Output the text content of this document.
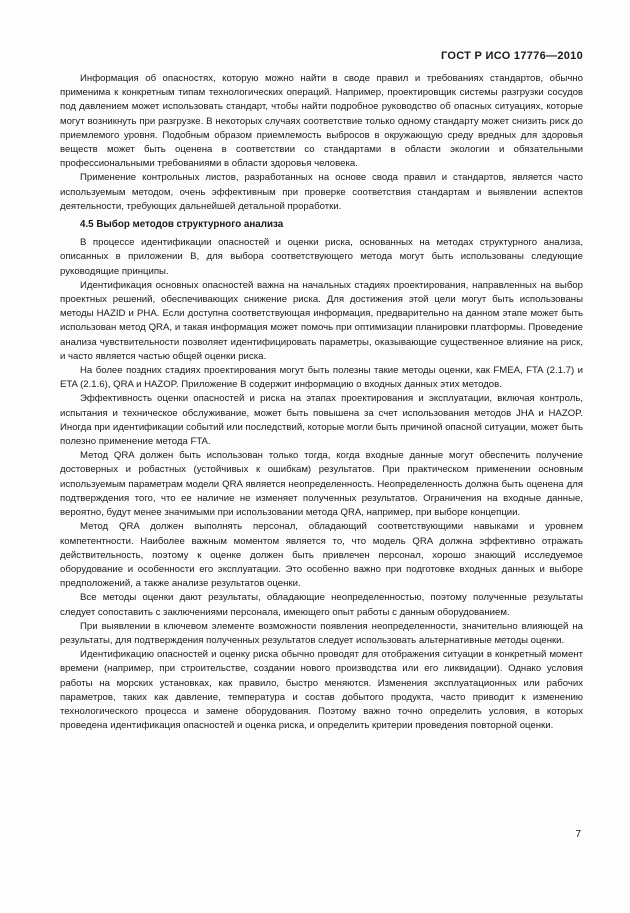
ГОСТ Р ИСО 17776—2010

Информация об опасностях, которую можно найти в своде правил и требованиях стандартов, обычно применима к конкретным типам технологических операций. Например, проектировщик системы разгрузки сосудов под давлением может использовать стандарт, чтобы найти подробное руководство об опасных ситуациях, которые могут возникнуть при разгрузке. В некоторых случаях соответствие только одному стандарту может снизить риск до приемлемого уровня. Подобным образом приемлемость выбросов в окружающую среду вредных для здоровья веществ может быть оценена в соответствии со стандартами в области экологии и обязательными профессиональными требованиями в области здоровья человека.

Применение контрольных листов, разработанных на основе свода правил и стандартов, является часто используемым методом, очень эффективным при проверке соответствия стандартам и выявлении аспектов деятельности, требующих дальнейшей детальной проработки.

4.5 Выбор методов структурного анализа

В процессе идентификации опасностей и оценки риска, основанных на методах структурного анализа, описанных в приложении В, для выбора соответствующего метода могут быть использованы следующие руководящие принципы.

Идентификация основных опасностей важна на начальных стадиях проектирования, направленных на выбор проектных решений, обеспечивающих снижение риска. Для достижения этой цели могут быть использованы методы HAZID и PHA. Если доступна соответствующая информация, предварительно на данном этапе может быть использован метод QRA, и такая информация может помочь при оптимизации планировки платформы. Проведение анализа чувствительности позволяет идентифицировать параметры, оказывающие существенное влияние на риск, и часто является частью общей оценки риска.

На более поздних стадиях проектирования могут быть полезны такие методы оценки, как FMEA, FTA (2.1.7) и ETA (2.1.6), QRA и HAZOP. Приложение В содержит информацию о входных данных этих методов.

Эффективность оценки опасностей и риска на этапах проектирования и эксплуатации, включая контроль, испытания и техническое обслуживание, может быть повышена за счет использования методов JHA и HAZOP. Иногда при идентификации событий или последствий, которые могли быть причиной опасной ситуации, может быть полезно применение метода FTA.

Метод QRA должен быть использован только тогда, когда входные данные могут обеспечить получение достоверных и робастных (устойчивых к ошибкам) результатов. При практическом применении основным используемым параметрам модели QRA является неопределенность. Неопределенность должна быть оценена для подтверждения того, что ее наличие не изменяет полученных результатов. Ограничения на входные данные, вероятно, будут менее значимыми при использовании метода QRA, например, при выборе концепции.

Метод QRA должен выполнять персонал, обладающий соответствующими навыками и уровнем компетентности. Наиболее важным моментом является то, что модель QRA должна эффективно отражать действительность, поэтому к оценке должен быть привлечен персонал, хорошо знающий исследуемое оборудование и особенности его эксплуатации. Это особенно важно при подготовке входных данных и выборе предположений, а также анализе результатов оценки.

Все методы оценки дают результаты, обладающие неопределенностью, поэтому полученные результаты следует сопоставить с заключениями персонала, имеющего опыт работы с данным оборудованием.

При выявлении в ключевом элементе возможности появления неопределенности, значительно влияющей на результаты, для подтверждения полученных результатов следует использовать альтернативные методы оценки.

Идентификацию опасностей и оценку риска обычно проводят для отображения ситуации в конкретный момент времени (например, при строительстве, создании нового производства или его ликвидации). Однако условия работы на морских установках, как правило, быстро меняются. Изменения эксплуатационных или рабочих параметров, таких как давление, температура и состав добытого продукта, часто приводит к изменению технологического процесса и замене оборудования. Поэтому важно точно определить условия, в которых проведена идентификация опасностей и оценка риска, и определить критерии проведения повторной оценки.

7
